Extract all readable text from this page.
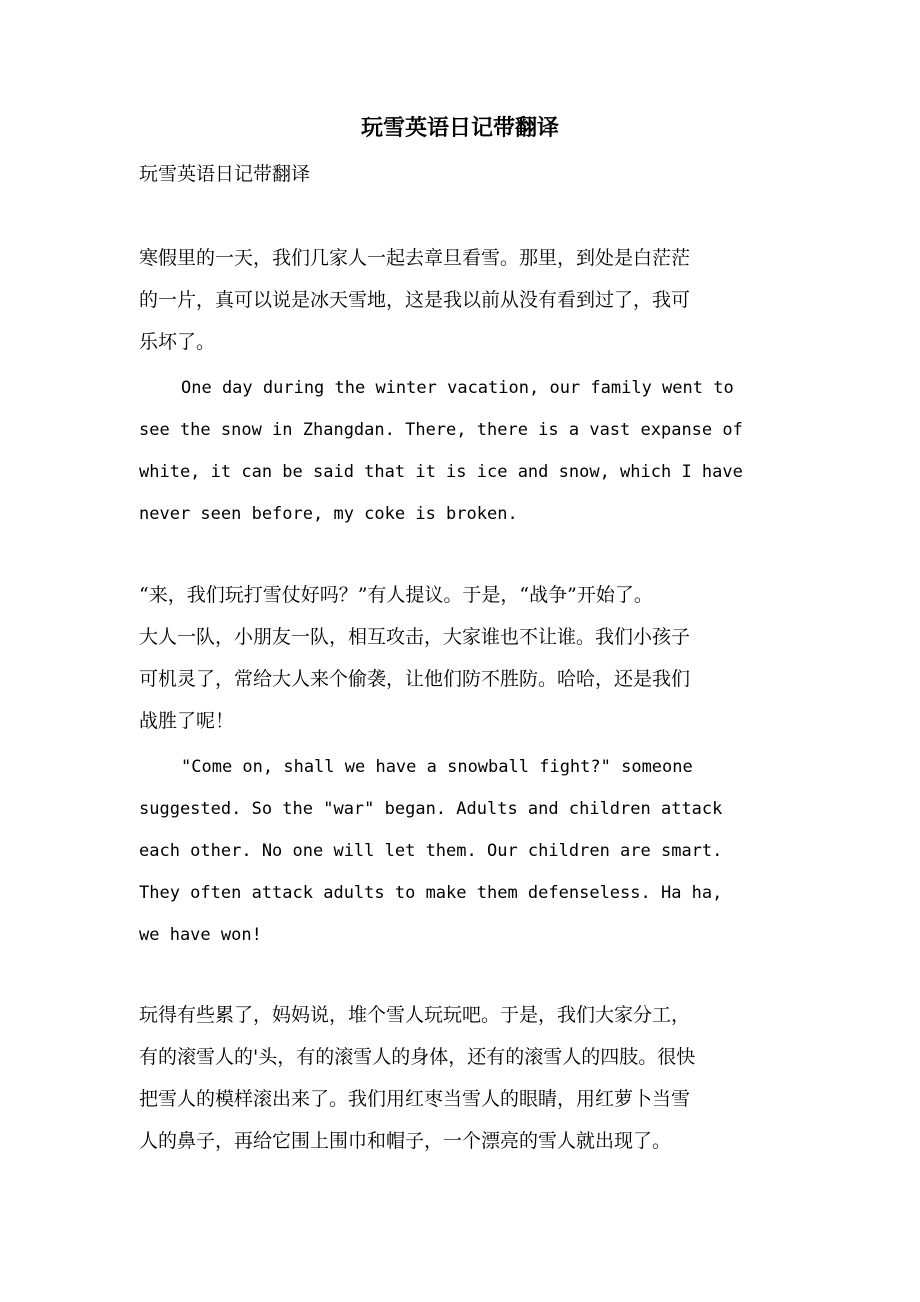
玩雪英语日记带翻译

玩雪英语日记带翻译

寒假里的一天，我们几家人一起去章旦看雪。那里，到处是白茫茫
的一片，真可以说是冰天雪地，这是我以前从没有看到过了，我可
乐坏了。

One day during the winter vacation, our family went to
see the snow in Zhangdan. There, there is a vast expanse of
white, it can be said that it is ice and snow, which I have
never seen before, my coke is broken.

“来，我们玩打雪仗好吗？”有人提议。于是，“战争”开始了。
大人一队，小朋友一队，相互攻击，大家谁也不让谁。我们小孩子
可机灵了，常给大人来个偷袭，让他们防不胜防。哈哈，还是我们
战胜了呢！

"Come on, shall we have a snowball fight?" someone
suggested. So the "war" began. Adults and children attack
each other. No one will let them. Our children are smart.
They often attack adults to make them defenseless. Ha ha,
we have won!

玩得有些累了，妈妈说，堆个雪人玩玩吧。于是，我们大家分工，
有的滚雪人的'头，有的滚雪人的身体，还有的滚雪人的四肢。很快
把雪人的模样滚出来了。我们用红枣当雪人的眼睛，用红萝卜当雪
人的鼻子，再给它围上围巾和帽子，一个漂亮的雪人就出现了。
